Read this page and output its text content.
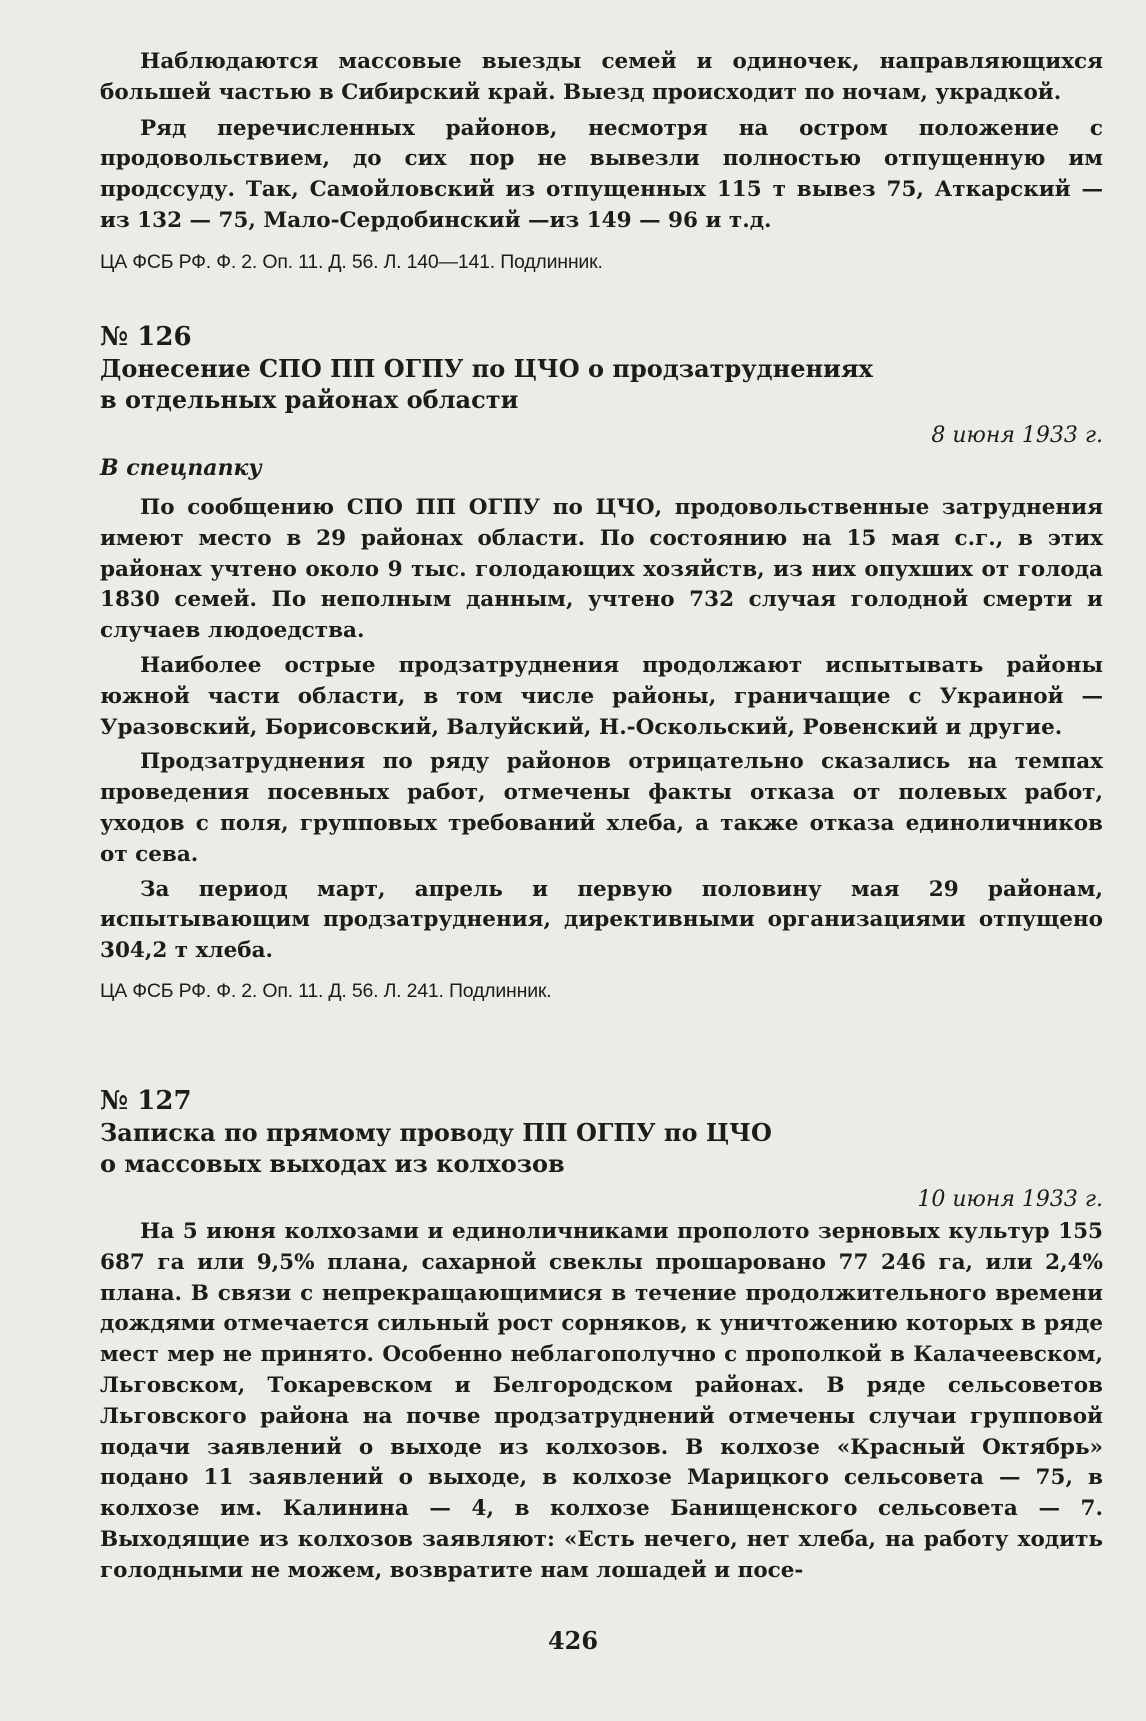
Наблюдаются массовые выезды семей и одиночек, направляющихся большей частью в Сибирский край. Выезд происходит по ночам, украдкой.

Ряд перечисленных районов, несмотря на остром положение с продовольствием, до сих пор не вывезли полностью отпущенную им продссуду. Так, Самойловский из отпущенных 115 т вывез 75, Аткарский — из 132 — 75, Мало-Сердобинский —из 149 — 96 и т.д.

ЦА ФСБ РФ. Ф. 2. Оп. 11. Д. 56. Л. 140—141. Подлинник.

№ 126

Донесение СПО ПП ОГПУ по ЦЧО о продзатруднениях

в отдельных районах области

8 июня 1933 г.

В спецпапку

По сообщению СПО ПП ОГПУ по ЦЧО, продовольственные затруднения имеют место в 29 районах области. По состоянию на 15 мая с.г., в этих районах учтено около 9 тыс. голодающих хозяйств, из них опухших от голода 1830 семей. По неполным данным, учтено 732 случая голодной смерти и случаев людоедства.

Наиболее острые продзатруднения продолжают испытывать районы южной части области, в том числе районы, граничащие с Украиной — Уразовский, Борисовский, Валуйский, Н.-Оскольский, Ровенский и другие.

Продзатруднения по ряду районов отрицательно сказались на темпах проведения посевных работ, отмечены факты отказа от полевых работ, уходов с поля, групповых требований хлеба, а также отказа единоличников от сева.

За период март, апрель и первую половину мая 29 районам, испытывающим продзатруднения, директивными организациями отпущено 304,2 т хлеба.

ЦА ФСБ РФ. Ф. 2. Оп. 11. Д. 56. Л. 241. Подлинник.

№ 127

Записка по прямому проводу ПП ОГПУ по ЦЧО

о массовых выходах из колхозов

10 июня 1933 г.

На 5 июня колхозами и единоличниками прополото зерновых культур 155 687 га или 9,5% плана, сахарной свеклы прошаровано 77 246 га, или 2,4% плана. В связи с непрекращающимися в течение продолжительного времени дождями отмечается сильный рост сорняков, к уничтожению которых в ряде мест мер не принято. Особенно неблагополучно с прополкой в Калачеевском, Льговском, Токаревском и Белгородском районах. В ряде сельсоветов Льговского района на почве продзатруднений отмечены случаи групповой подачи заявлений о выходе из колхозов. В колхозе «Красный Октябрь» подано 11 заявлений о выходе, в колхозе Марицкого сельсовета — 75, в колхозе им. Калинина — 4, в колхозе Банищенского сельсовета — 7. Выходящие из колхозов заявляют: «Есть нечего, нет хлеба, на работу ходить голодными не можем, возвратите нам лошадей и посе-

426
